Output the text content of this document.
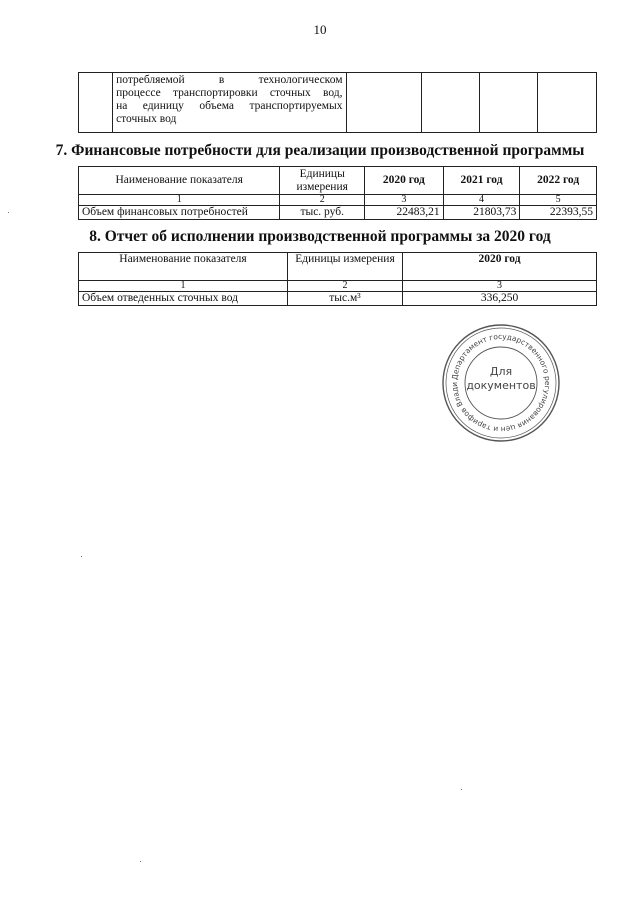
10

потребляемой в технологическом
процессе транспортировки сточных вод,
на единицу объема транспортируемых
сточных вод

7. Финансовые потребности для реализации производственной программы
Наименование показателя	Единицы измерения	2020 год	2021 год	2022 год
1	2	3	4	5
Объем финансовых потребностей	тыс. руб.	22483,21	21803,73	22393,55
8. Отчет об исполнении производственной программы за 2020 год
Наименование показателя	Единицы измерения	2020 год
1	2	3
Объем отведенных сточных вод	тыс.м³	336,250
Департамент государственного регулирования цен и тарифов Влади
Для
документов
